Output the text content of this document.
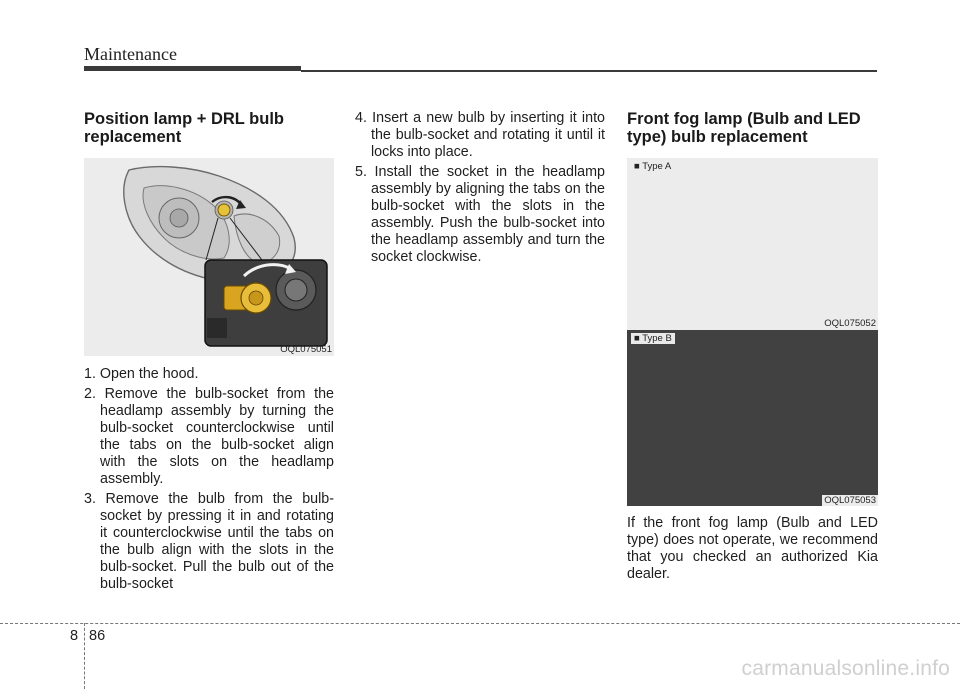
Maintenance
Position lamp + DRL bulb replacement
OQL075051
1. Open the hood.
2. Remove the bulb-socket from the headlamp assembly by turning the bulb-socket counterclockwise until the tabs on the bulb-socket align with the slots on the headlamp assembly.
3. Remove the bulb from the bulb-socket by pressing it in and rotating it counterclockwise until the tabs on the bulb align with the slots in the bulb-socket. Pull the bulb out of the bulb-socket
4. Insert a new bulb by inserting it into the bulb-socket and rotating it until it locks into place.
5. Install the socket in the headlamp assembly by aligning the tabs on the bulb-socket with the slots in the assembly. Push the bulb-socket into the headlamp assembly and turn the socket clockwise.
Front fog lamp (Bulb and LED type) bulb replacement
■ Type A
OQL075052
■ Type B
OQL075053

If the front fog lamp (Bulb and LED type) does not operate, we recommend that you checked an authorized Kia dealer.

8 86
carmanualsonline.info
